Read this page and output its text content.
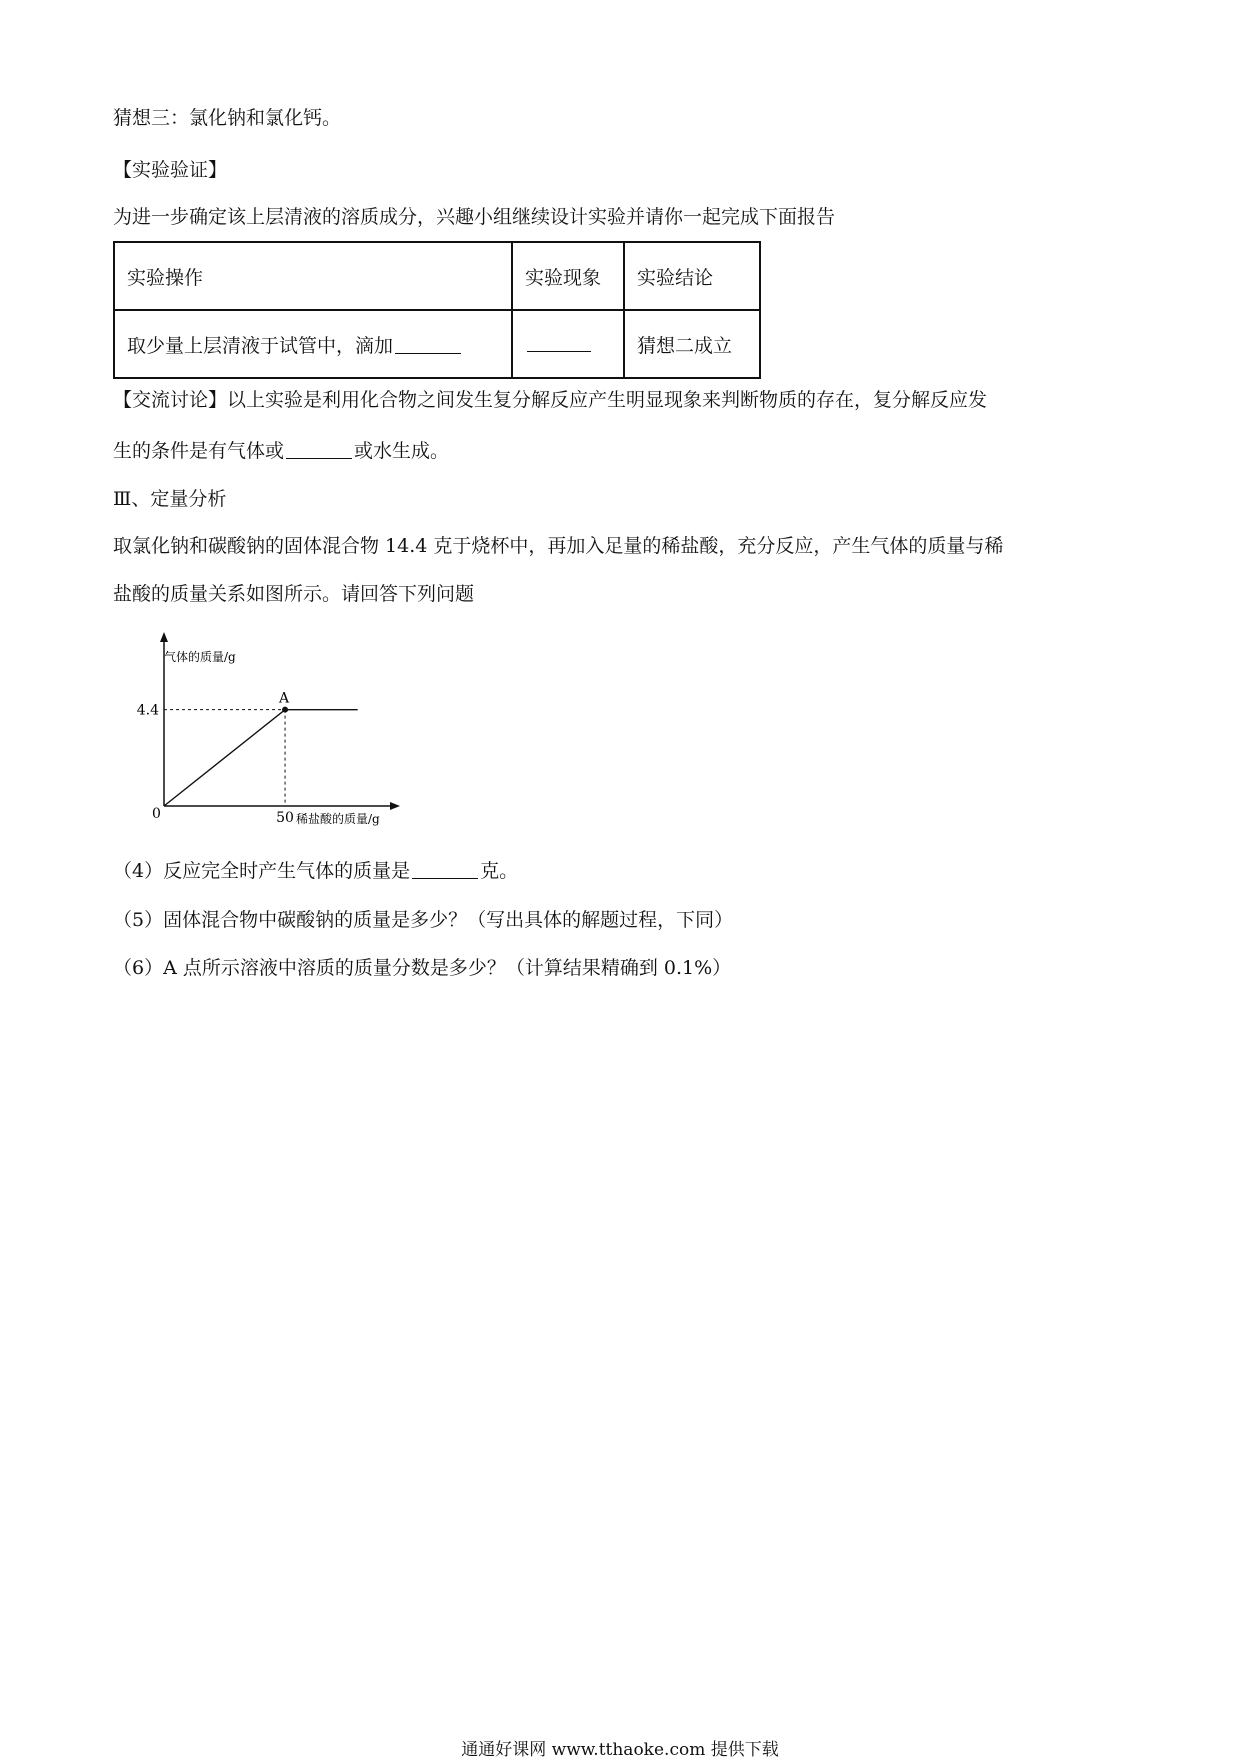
猜想三：氯化钠和氯化钙。
【实验验证】
为进一步确定该上层清液的溶质成分，兴趣小组继续设计实验并请你一起完成下面报告
实验操作	实验现象	实验结论
取少量上层清液于试管中，滴加		猜想二成立
【交流讨论】以上实验是利用化合物之间发生复分解反应产生明显现象来判断物质的存在，复分解反应发
生的条件是有气体或	或水生成。
Ⅲ、定量分析
取氯化钠和碳酸钠的固体混合物 14.4 克于烧杯中，再加入足量的稀盐酸，充分反应，产生气体的质量与稀
盐酸的质量关系如图所示。请回答下列问题
气体的质量/g
稀盐酸的质量/g
0
A
4.4
50
（4）反应完全时产生气体的质量是	克。
（5）固体混合物中碳酸钠的质量是多少？（写出具体的解题过程，下同）
（6）A 点所示溶液中溶质的质量分数是多少？（计算结果精确到 0.1%）
通通好课网 www.tthaoke.com 提供下载
